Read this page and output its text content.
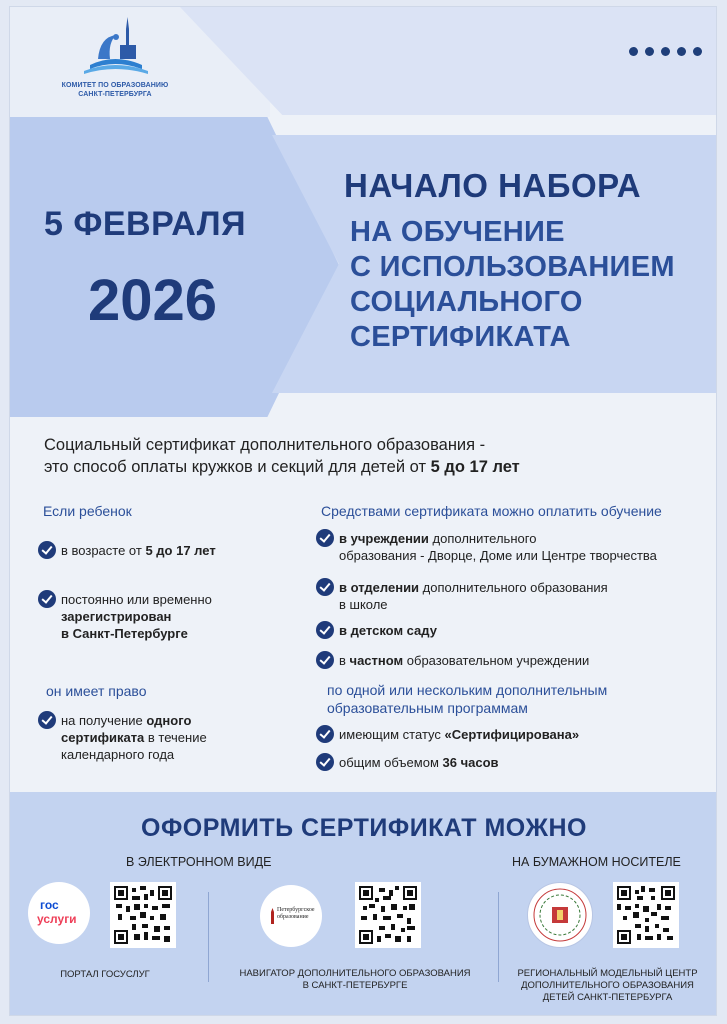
КОМИТЕТ ПО ОБРАЗОВАНИЮ
САНКТ-ПЕТЕРБУРГА
5 ФЕВРАЛЯ
2026
НАЧАЛО НАБОРА
НА ОБУЧЕНИЕ
С ИСПОЛЬЗОВАНИЕМ
СОЦИАЛЬНОГО
СЕРТИФИКАТА
Социальный сертификат дополнительного образования -
это способ оплаты кружков и секций для детей от 5 до 17 лет
Если ребенок
в возрасте от 5 до 17 лет
постоянно или временно
зарегистрирован
в Санкт-Петербурге
он имеет право
на получение одного
сертификата в течение
календарного года
Средствами сертификата можно оплатить обучение
в учреждении дополнительного
образования - Дворце, Доме или Центре творчества
в отделении дополнительного образования
в школе
в детском саду
в частном образовательном учреждении
по одной или нескольким дополнительным
образовательным программам
имеющим статус «Сертифицирована»
общим объемом 36 часов
ОФОРМИТЬ СЕРТИФИКАТ МОЖНО
В ЭЛЕКТРОННОМ ВИДЕ	НА БУМАЖНОМ НОСИТЕЛЕ
гос
услуги
ПОРТАЛ ГОСУСЛУГ
Петербургское
образование
НАВИГАТОР ДОПОЛНИТЕЛЬНОГО ОБРАЗОВАНИЯ
В САНКТ-ПЕТЕРБУРГЕ
РЕГИОНАЛЬНЫЙ МОДЕЛЬНЫЙ ЦЕНТР
ДОПОЛНИТЕЛЬНОГО ОБРАЗОВАНИЯ
ДЕТЕЙ САНКТ-ПЕТЕРБУРГА
